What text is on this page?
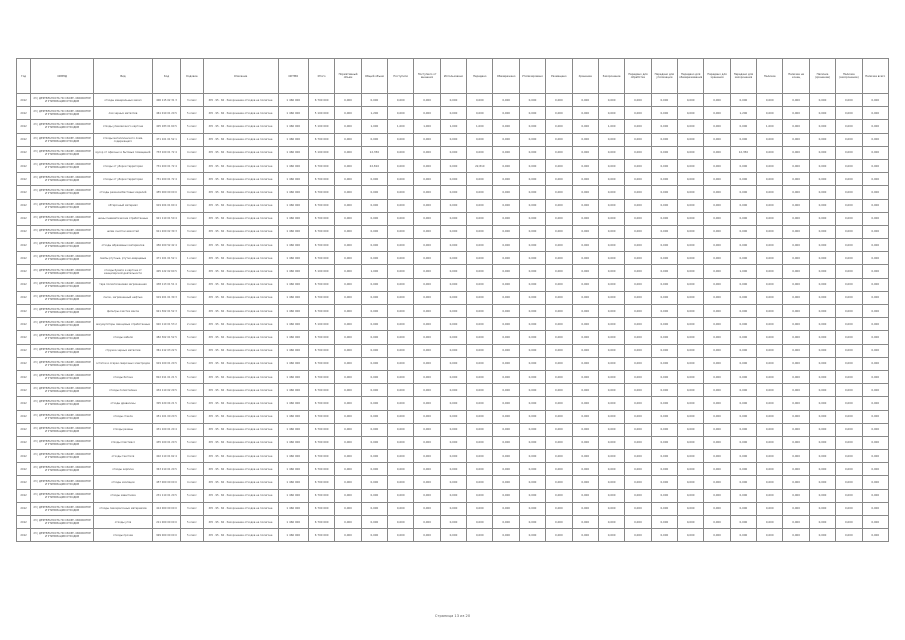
Год	ОКВЭД	Вид	Код	Кодовое	Описание	ОКТМО	Итого	Нормативный объем	Общий объем	Поступило	Поступило от внешних	Использовано	Передано	Обезврежено	Утилизировано	Размещено	Хранение	Захоронение	Передано для обработки	Передано для утилизации	Передано для обезвреживания	Передано для хранения	Передано для захоронения	Наличие	Наличие на конец	Наличие (хранение)	Наличие (захоронение)	Наличие всего
2012	23 | ДЕЯТЕЛЬНОСТЬ ПО СБОРУ, ОБРАБОТКЕ И УТИЛИЗАЦИИ ОТХОДОВ	отходы минеральных масел	406 115 02 31 3	3 класс	ХЮ · 95 · 60 · Захоронение отходов на полигоне	1 460 000	6 700 000	0,000	0,000	0,000	0,000	0,000	0,000	0,000	0,000	0,000	0,000	0,000	0,000	0,000	0,000	0,000	0,000	0,000	0,000	0,000	0,000	0,000
2012	23 | ДЕЯТЕЛЬНОСТЬ ПО СБОРУ, ОБРАБОТКЕ И УТИЛИЗАЦИИ ОТХОДОВ	лом черных металлов	461 010 01 20 5	5 класс	ХЮ · 95 · 60 · Захоронение отходов на полигоне	1 460 000	5 100 000	0,000	1,200	0,000	0,000	0,000	0,000	0,000	0,000	0,000	0,000	0,000	0,000	0,000	0,000	0,000	1,200	0,000	0,000	0,000	0,000	0,000
2012	23 | ДЕЯТЕЛЬНОСТЬ ПО СБОРУ, ОБРАБОТКЕ И УТИЛИЗАЦИИ ОТХОДОВ	отходы упаковочного картона	405 183 01 60 5	5 класс	ХЮ · 95 · 60 · Захоронение отходов на полигоне	1 460 000	5 100 000	0,000	1,000	1,000	1,000	1,000	1,000	0,000	0,000	0,000	0,000	1,000	0,000	0,000	0,000	0,000	0,000	1,000	0,000	0,000	0,000	0,000
2012	23 | ДЕЯТЕЛЬНОСТЬ ПО СБОРУ, ОБРАБОТКЕ И УТИЛИЗАЦИИ ОТХОДОВ	отходы металлического лома, содержащего	471 101 01 52 1	1 класс	ХЮ · 95 · 60 · Захоронение отходов на полигоне	1 460 000	6 700 000	0,000	0,000	0,000	0,000	0,000	0,000	0,000	0,000	0,000	0,000	0,000	0,000	0,000	0,000	0,000	0,000	0,000	0,000	0,000	0,000	0,000
2012	23 | ДЕЯТЕЛЬНОСТЬ ПО СБОРУ, ОБРАБОТКЕ И УТИЛИЗАЦИИ ОТХОДОВ	мусор от офисных и бытовых помещений	733 100 01 72 4	4 класс	ХЮ · 95 · 60 · Захоронение отходов на полигоне	1 460 000	5 100 000	0,000	12,350	0,000	0,000	0,000	0,000	0,000	0,000	0,000	0,000	0,000	0,000	0,000	0,000	0,000	12,350	0,000	0,000	0,000	0,000	0,000
2012	23 | ДЕЯТЕЛЬНОСТЬ ПО СБОРУ, ОБРАБОТКЕ И УТИЛИЗАЦИИ ОТХОДОВ	отходы от уборки территории	731 200 01 72 4	4 класс	ХЮ · 95 · 60 · Захоронение отходов на полигоне	1 460 000	6 700 000	0,000	22,810	0,000	0,000	0,000	22,810	0,000	0,000	0,000	0,000	0,000	0,000	0,000	0,000	0,000	0,000	0,000	0,000	0,000	0,000	0,000
2012	23 | ДЕЯТЕЛЬНОСТЬ ПО СБОРУ, ОБРАБОТКЕ И УТИЛИЗАЦИИ ОТХОДОВ	отходы от уборки территории	731 200 01 72 4	4 класс	ХЮ · 95 · 60 · Захоронение отходов на полигоне	1 460 000	6 700 000	0,000	0,000	0,000	0,000	0,000	0,000	0,000	0,000	0,000	0,000	0,000	0,000	0,000	0,000	0,000	0,000	0,000	0,000	0,000	0,000	0,000
2012	23 | ДЕЯТЕЛЬНОСТЬ ПО СБОРУ, ОБРАБОТКЕ И УТИЛИЗАЦИИ ОТХОДОВ	отходы резиноасбестовых изделий	455 000 00 00 0	4 класс	ХЮ · 95 · 60 · Захоронение отходов на полигоне	1 460 000	6 700 000	0,000	0,000	0,000	0,000	0,000	0,000	0,000	0,000	0,000	0,000	0,000	0,000	0,000	0,000	0,000	0,000	0,000	0,000	0,000	0,000	0,000
2012	23 | ДЕЯТЕЛЬНОСТЬ ПО СБОРУ, ОБРАБОТКЕ И УТИЛИЗАЦИИ ОТХОДОВ	обтирочный материал	919 204 01 60 4	4 класс	ХЮ · 95 · 60 · Захоронение отходов на полигоне	1 460 000	6 700 000	0,000	0,000	0,000	0,000	0,000	0,000	0,000	0,000	0,000	0,000	0,000	0,000	0,000	0,000	0,000	0,000	0,000	0,000	0,000	0,000	0,000
2012	23 | ДЕЯТЕЛЬНОСТЬ ПО СБОРУ, ОБРАБОТКЕ И УТИЛИЗАЦИИ ОТХОДОВ	шины пневматические отработанные	921 110 01 50 4	4 класс	ХЮ · 95 · 60 · Захоронение отходов на полигоне	1 460 000	6 700 000	0,000	0,000	0,000	0,000	0,000	0,000	0,000	0,000	0,000	0,000	0,000	0,000	0,000	0,000	0,000	0,000	0,000	0,000	0,000	0,000	0,000
2012	23 | ДЕЯТЕЛЬНОСТЬ ПО СБОРУ, ОБРАБОТКЕ И УТИЛИЗАЦИИ ОТХОДОВ	шлам очистки емкостей	911 200 02 39 3	3 класс	ХЮ · 95 · 60 · Захоронение отходов на полигоне	1 460 000	6 700 000	0,000	0,000	0,000	0,000	0,000	0,000	0,000	0,000	0,000	0,000	0,000	0,000	0,000	0,000	0,000	0,000	0,000	0,000	0,000	0,000	0,000
2012	23 | ДЕЯТЕЛЬНОСТЬ ПО СБОРУ, ОБРАБОТКЕ И УТИЛИЗАЦИИ ОТХОДОВ	отходы абразивных материалов	456 200 52 42 4	4 класс	ХЮ · 95 · 60 · Захоронение отходов на полигоне	1 460 000	6 700 000	0,000	0,000	0,000	0,000	0,000	0,000	0,000	0,000	0,000	0,000	0,000	0,000	0,000	0,000	0,000	0,000	0,000	0,000	0,000	0,000	0,000
2012	23 | ДЕЯТЕЛЬНОСТЬ ПО СБОРУ, ОБРАБОТКЕ И УТИЛИЗАЦИИ ОТХОДОВ	лампы ртутные, ртутно-кварцевые	471 101 01 52 1	1 класс	ХЮ · 95 · 60 · Захоронение отходов на полигоне	1 460 000	6 700 000	0,000	0,000	0,000	0,000	0,000	0,000	0,000	0,000	0,000	0,000	0,000	0,000	0,000	0,000	0,000	0,000	0,000	0,000	0,000	0,000	0,000
2012	23 | ДЕЯТЕЛЬНОСТЬ ПО СБОРУ, ОБРАБОТКЕ И УТИЛИЗАЦИИ ОТХОДОВ	отходы бумаги и картона от канцелярской деятельности	405 122 02 60 5	5 класс	ХЮ · 95 · 60 · Захоронение отходов на полигоне	1 460 000	5 100 000	0,000	1,000	0,000	0,000	0,000	0,000	0,000	0,000	0,000	0,000	0,000	0,000	0,000	0,000	0,000	1,000	0,000	0,000	0,000	0,000	0,000
2012	23 | ДЕЯТЕЛЬНОСТЬ ПО СБОРУ, ОБРАБОТКЕ И УТИЛИЗАЦИИ ОТХОДОВ	тара полиэтиленовая загрязненная	438 113 01 51 4	4 класс	ХЮ · 95 · 60 · Захоронение отходов на полигоне	1 460 000	6 700 000	0,000	0,000	0,000	0,000	0,000	0,000	0,000	0,000	0,000	0,000	0,000	0,000	0,000	0,000	0,000	0,000	0,000	0,000	0,000	0,000	0,000
2012	23 | ДЕЯТЕЛЬНОСТЬ ПО СБОРУ, ОБРАБОТКЕ И УТИЛИЗАЦИИ ОТХОДОВ	песок, загрязненный нефтью	919 201 01 39 3	3 класс	ХЮ · 95 · 60 · Захоронение отходов на полигоне	1 460 000	6 700 000	0,000	0,000	0,000	0,000	0,000	0,000	0,000	0,000	0,000	0,000	0,000	0,000	0,000	0,000	0,000	0,000	0,000	0,000	0,000	0,000	0,000
2012	23 | ДЕЯТЕЛЬНОСТЬ ПО СБОРУ, ОБРАБОТКЕ И УТИЛИЗАЦИИ ОТХОДОВ	фильтры очистки масла	921 302 01 52 3	3 класс	ХЮ · 95 · 60 · Захоронение отходов на полигоне	1 460 000	6 700 000	0,000	0,000	0,000	0,000	0,000	0,000	0,000	0,000	0,000	0,000	0,000	0,000	0,000	0,000	0,000	0,000	0,000	0,000	0,000	0,000	0,000
2012	23 | ДЕЯТЕЛЬНОСТЬ ПО СБОРУ, ОБРАБОТКЕ И УТИЛИЗАЦИИ ОТХОДОВ	аккумуляторы свинцовые отработанные	920 110 01 53 2	2 класс	ХЮ · 95 · 60 · Захоронение отходов на полигоне	1 460 000	5 100 000	0,000	0,000	0,000	0,000	0,000	0,000	0,000	0,000	0,000	0,000	0,000	0,000	0,000	0,000	0,000	0,000	0,000	0,000	0,000	0,000	0,000
2012	23 | ДЕЯТЕЛЬНОСТЬ ПО СБОРУ, ОБРАБОТКЕ И УТИЛИЗАЦИИ ОТХОДОВ	отходы кабеля	482 302 01 52 5	5 класс	ХЮ · 95 · 60 · Захоронение отходов на полигоне	1 460 000	6 700 000	0,000	0,000	0,000	0,000	0,000	0,000	0,000	0,000	0,000	0,000	0,000	0,000	0,000	0,000	0,000	0,000	0,000	0,000	0,000	0,000	0,000
2012	23 | ДЕЯТЕЛЬНОСТЬ ПО СБОРУ, ОБРАБОТКЕ И УТИЛИЗАЦИИ ОТХОДОВ	стружка черных металлов	361 212 03 22 5	5 класс	ХЮ · 95 · 60 · Захоронение отходов на полигоне	1 460 000	6 700 000	0,000	0,000	0,000	0,000	0,000	0,000	0,000	0,000	0,000	0,000	0,000	0,000	0,000	0,000	0,000	0,000	0,000	0,000	0,000	0,000	0,000
2012	23 | ДЕЯТЕЛЬНОСТЬ ПО СБОРУ, ОБРАБОТКЕ И УТИЛИЗАЦИИ ОТХОДОВ	остатки и огарки сварочных электродов	919 100 01 20 5	5 класс	ХЮ · 95 · 60 · Захоронение отходов на полигоне	1 460 000	6 700 000	0,000	0,000	0,000	0,000	0,000	0,000	0,000	0,000	0,000	0,000	0,000	0,000	0,000	0,000	0,000	0,000	0,000	0,000	0,000	0,000	0,000
2012	23 | ДЕЯТЕЛЬНОСТЬ ПО СБОРУ, ОБРАБОТКЕ И УТИЛИЗАЦИИ ОТХОДОВ	отходы бетона	822 011 01 21 5	5 класс	ХЮ · 95 · 60 · Захоронение отходов на полигоне	1 460 000	6 700 000	0,000	0,000	0,000	0,000	0,000	0,000	0,000	0,000	0,000	0,000	0,000	0,000	0,000	0,000	0,000	0,000	0,000	0,000	0,000	0,000	0,000
2012	23 | ДЕЯТЕЛЬНОСТЬ ПО СБОРУ, ОБРАБОТКЕ И УТИЛИЗАЦИИ ОТХОДОВ	отходы полиэтилена	434 110 02 29 5	5 класс	ХЮ · 95 · 60 · Захоронение отходов на полигоне	1 460 000	6 700 000	0,000	0,000	0,000	0,000	0,000	0,000	0,000	0,000	0,000	0,000	0,000	0,000	0,000	0,000	0,000	0,000	0,000	0,000	0,000	0,000	0,000
2012	23 | ДЕЯТЕЛЬНОСТЬ ПО СБОРУ, ОБРАБОТКЕ И УТИЛИЗАЦИИ ОТХОДОВ	отходы древесины	305 220 04 21 5	5 класс	ХЮ · 95 · 60 · Захоронение отходов на полигоне	1 460 000	6 700 000	0,000	0,000	0,000	0,000	0,000	0,000	0,000	0,000	0,000	0,000	0,000	0,000	0,000	0,000	0,000	0,000	0,000	0,000	0,000	0,000	0,000
2012	23 | ДЕЯТЕЛЬНОСТЬ ПО СБОРУ, ОБРАБОТКЕ И УТИЛИЗАЦИИ ОТХОДОВ	отходы стекла	451 101 00 20 5	5 класс	ХЮ · 95 · 60 · Захоронение отходов на полигоне	1 460 000	6 700 000	0,000	0,000	0,000	0,000	0,000	0,000	0,000	0,000	0,000	0,000	0,000	0,000	0,000	0,000	0,000	0,000	0,000	0,000	0,000	0,000	0,000
2012	23 | ДЕЯТЕЛЬНОСТЬ ПО СБОРУ, ОБРАБОТКЕ И УТИЛИЗАЦИИ ОТХОДОВ	отходы резины	431 100 01 20 4	4 класс	ХЮ · 95 · 60 · Захоронение отходов на полигоне	1 460 000	6 700 000	0,000	0,000	0,000	0,000	0,000	0,000	0,000	0,000	0,000	0,000	0,000	0,000	0,000	0,000	0,000	0,000	0,000	0,000	0,000	0,000	0,000
2012	23 | ДЕЯТЕЛЬНОСТЬ ПО СБОРУ, ОБРАБОТКЕ И УТИЛИЗАЦИИ ОТХОДОВ	отходы пластмасс	435 100 01 20 5	5 класс	ХЮ · 95 · 60 · Захоронение отходов на полигоне	1 460 000	6 700 000	0,000	0,000	0,000	0,000	0,000	0,000	0,000	0,000	0,000	0,000	0,000	0,000	0,000	0,000	0,000	0,000	0,000	0,000	0,000	0,000	0,000
2012	23 | ДЕЯТЕЛЬНОСТЬ ПО СБОРУ, ОБРАБОТКЕ И УТИЛИЗАЦИИ ОТХОДОВ	отходы текстиля	402 110 01 62 4	4 класс	ХЮ · 95 · 60 · Захоронение отходов на полигоне	1 460 000	6 700 000	0,000	0,000	0,000	0,000	0,000	0,000	0,000	0,000	0,000	0,000	0,000	0,000	0,000	0,000	0,000	0,000	0,000	0,000	0,000	0,000	0,000
2012	23 | ДЕЯТЕЛЬНОСТЬ ПО СБОРУ, ОБРАБОТКЕ И УТИЛИЗАЦИИ ОТХОДОВ	отходы кирпича	343 210 01 20 5	5 класс	ХЮ · 95 · 60 · Захоронение отходов на полигоне	1 460 000	6 700 000	0,000	0,000	0,000	0,000	0,000	0,000	0,000	0,000	0,000	0,000	0,000	0,000	0,000	0,000	0,000	0,000	0,000	0,000	0,000	0,000	0,000
2012	23 | ДЕЯТЕЛЬНОСТЬ ПО СБОРУ, ОБРАБОТКЕ И УТИЛИЗАЦИИ ОТХОДОВ	отходы изоляции	457 000 00 00 0	4 класс	ХЮ · 95 · 60 · Захоронение отходов на полигоне	1 460 000	6 700 000	0,000	0,000	0,000	0,000	0,000	0,000	0,000	0,000	0,000	0,000	0,000	0,000	0,000	0,000	0,000	0,000	0,000	0,000	0,000	0,000	0,000
2012	23 | ДЕЯТЕЛЬНОСТЬ ПО СБОРУ, ОБРАБОТКЕ И УТИЛИЗАЦИИ ОТХОДОВ	отходы известняка	231 110 01 20 5	5 класс	ХЮ · 95 · 60 · Захоронение отходов на полигоне	1 460 000	6 700 000	0,000	0,000	0,000	0,000	0,000	0,000	0,000	0,000	0,000	0,000	0,000	0,000	0,000	0,000	0,000	0,000	0,000	0,000	0,000	0,000	0,000
2012	23 | ДЕЯТЕЛЬНОСТЬ ПО СБОРУ, ОБРАБОТКЕ И УТИЛИЗАЦИИ ОТХОДОВ	отходы лакокрасочных материалов	414 000 00 00 0	3 класс	ХЮ · 95 · 60 · Захоронение отходов на полигоне	1 460 000	6 700 000	0,000	0,000	0,000	0,000	0,000	0,000	0,000	0,000	0,000	0,000	0,000	0,000	0,000	0,000	0,000	0,000	0,000	0,000	0,000	0,000	0,000
2012	23 | ДЕЯТЕЛЬНОСТЬ ПО СБОРУ, ОБРАБОТКЕ И УТИЛИЗАЦИИ ОТХОДОВ	отходы угля	211 000 00 00 0	5 класс	ХЮ · 95 · 60 · Захоронение отходов на полигоне	1 460 000	6 700 000	0,000	0,000	0,000	0,000	0,000	0,000	0,000	0,000	0,000	0,000	0,000	0,000	0,000	0,000	0,000	0,000	0,000	0,000	0,000	0,000	0,000
2012	23 | ДЕЯТЕЛЬНОСТЬ ПО СБОРУ, ОБРАБОТКЕ И УТИЛИЗАЦИИ ОТХОДОВ	отходы прочие	999 000 00 00 0	5 класс	ХЮ · 95 · 60 · Захоронение отходов на полигоне	1 460 000	6 700 000	0,000	0,000	0,000	0,000	0,000	0,000	0,000	0,000	0,000	0,000	0,000	0,000	0,000	0,000	0,000	0,000	0,000	0,000	0,000	0,000	0,000
Страница 13 из 20
